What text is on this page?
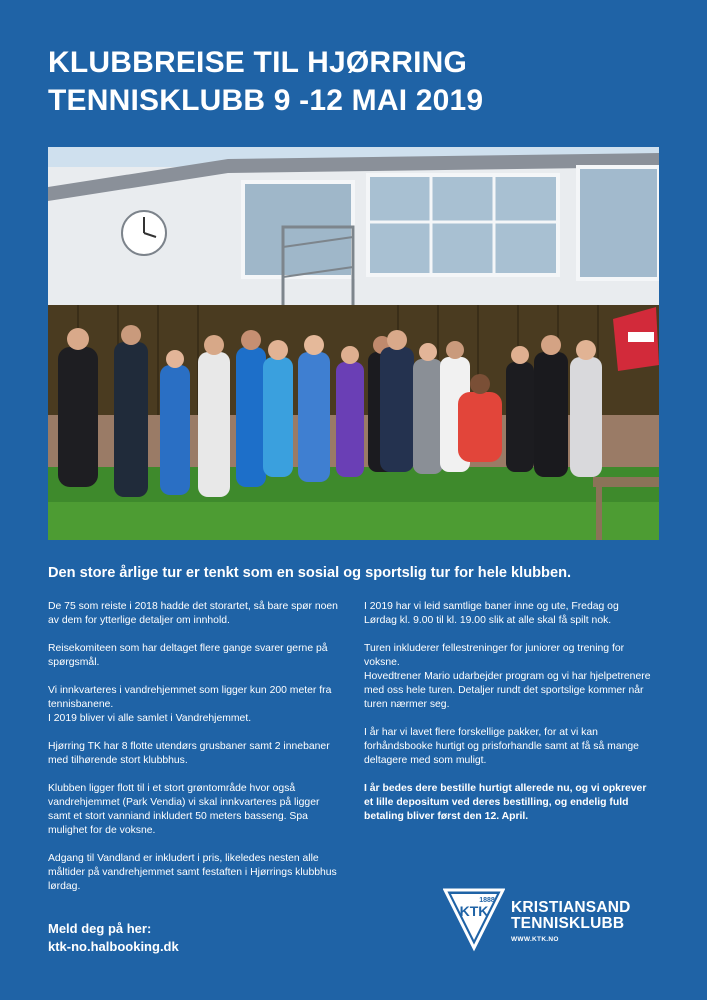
KLUBBREISE TIL HJØRRING
TENNISKLUBB 9 -12 MAI 2019

Den store årlige tur er tenkt som en sosial og sportslig tur for hele klubben.

De 75 som reiste i 2018 hadde det storartet, så bare spør noen av dem for ytterlige detaljer om innhold.

Reisekomiteen som har deltaget flere gange svarer gerne på spørgsmål.

Vi innkvarteres i vandrehjemmet som ligger kun 200 meter fra tennisbanene.
I 2019 bliver vi alle samlet i Vandrehjemmet.

Hjørring TK har 8 flotte utendørs grusbaner samt 2 innebaner med tilhørende stort klubbhus.

Klubben ligger flott til i et stort grøntområde hvor også vandrehjemmet (Park Vendia) vi skal innkvarteres på ligger samt et stort vanniand inkludert 50 meters basseng. Spa mulighet for de voksne.

Adgang til Vandland er inkludert i pris, likeledes nesten alle måltider på vandrehjemmet samt festaften i Hjørrings klubbhus lørdag.

I 2019 har vi leid samtlige baner inne og ute, Fredag og Lørdag kl. 9.00 til kl. 19.00 slik at alle skal få spilt nok.

Turen inkluderer fellestreninger for juniorer og trening for voksne.
Hovedtrener Mario udarbejder program og vi har hjelpetrenere med oss hele turen. Detaljer rundt det sportslige kommer når turen nærmer seg.

I år har vi lavet flere forskellige pakker, for at vi kan forhåndsbooke hurtigt og prisforhandle samt at få så mange deltagere med som muligt.

I år bedes dere bestille hurtigt allerede nu, og vi opkrever et lille depositum ved deres bestilling, og endelig fuld betaling bliver først den 12. April.

Meld deg på her:
ktk-no.halbooking.dk
KTK
1888 KRISTIANSAND
TENNISKLUBB
WWW.KTK.NO
